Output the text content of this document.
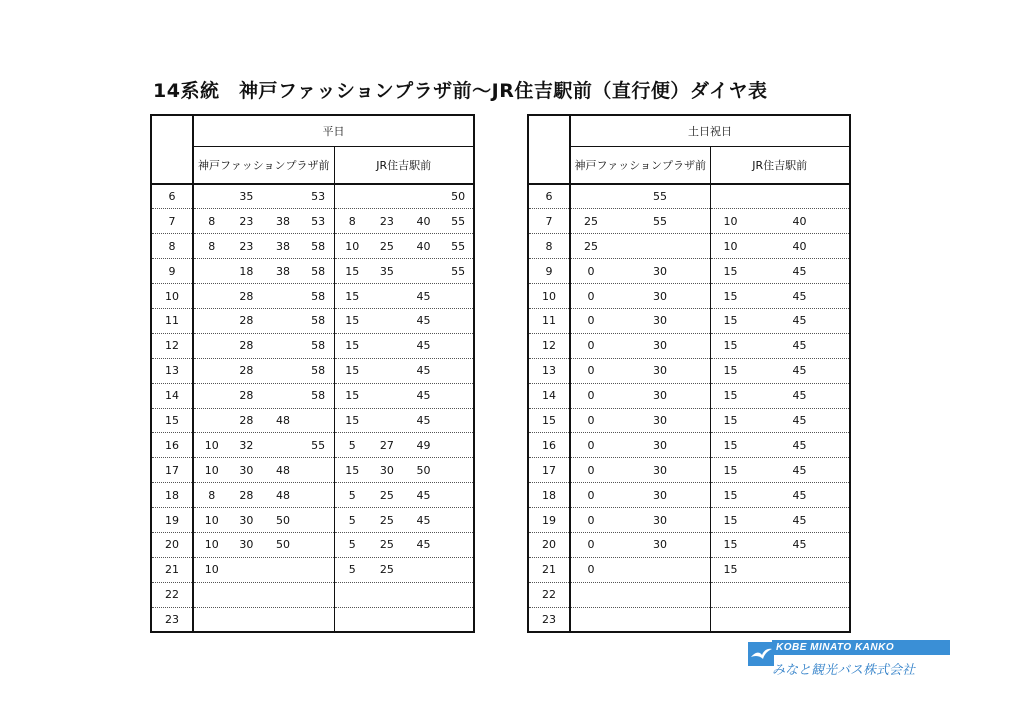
14系統　神戸ファッションプラザ前～JR住吉駅前（直行便）ダイヤ表
	平日	
	神戸ファッションプラザ前	JR住吉駅前
6	35 53	50

7	8 23 38 53	8 23 40 55

8	8 23 38 58	10 25 40 55

9	18 38 58	15 35 55

10	28 58	15 45

11	28 58	15 45

12	28 58	15 45

13	28 58	15 45

14	28 58	15 45

15	28 48	15 45

16	10 32 55	5 27 49

17	10 30 48	15 30 50

18	8 28 48	5 25 45

19	10 30 50	5 25 45

20	10 30 50	5 25 45

21	10	5 25

22	

23	

	土日祝日	
	神戸ファッションプラザ前	JR住吉駅前
6	55	

7	25 55	10 40

8	25	10 40

9	0 30	15 45

10	0 30	15 45

11	0 30	15 45

12	0 30	15 45

13	0 30	15 45

14	0 30	15 45

15	0 30	15 45

16	0 30	15 45

17	0 30	15 45

18	0 30	15 45

19	0 30	15 45

20	0 30	15 45

21	0	15

22	

23	

KOBE MINATO KANKO
みなと観光バス株式会社
